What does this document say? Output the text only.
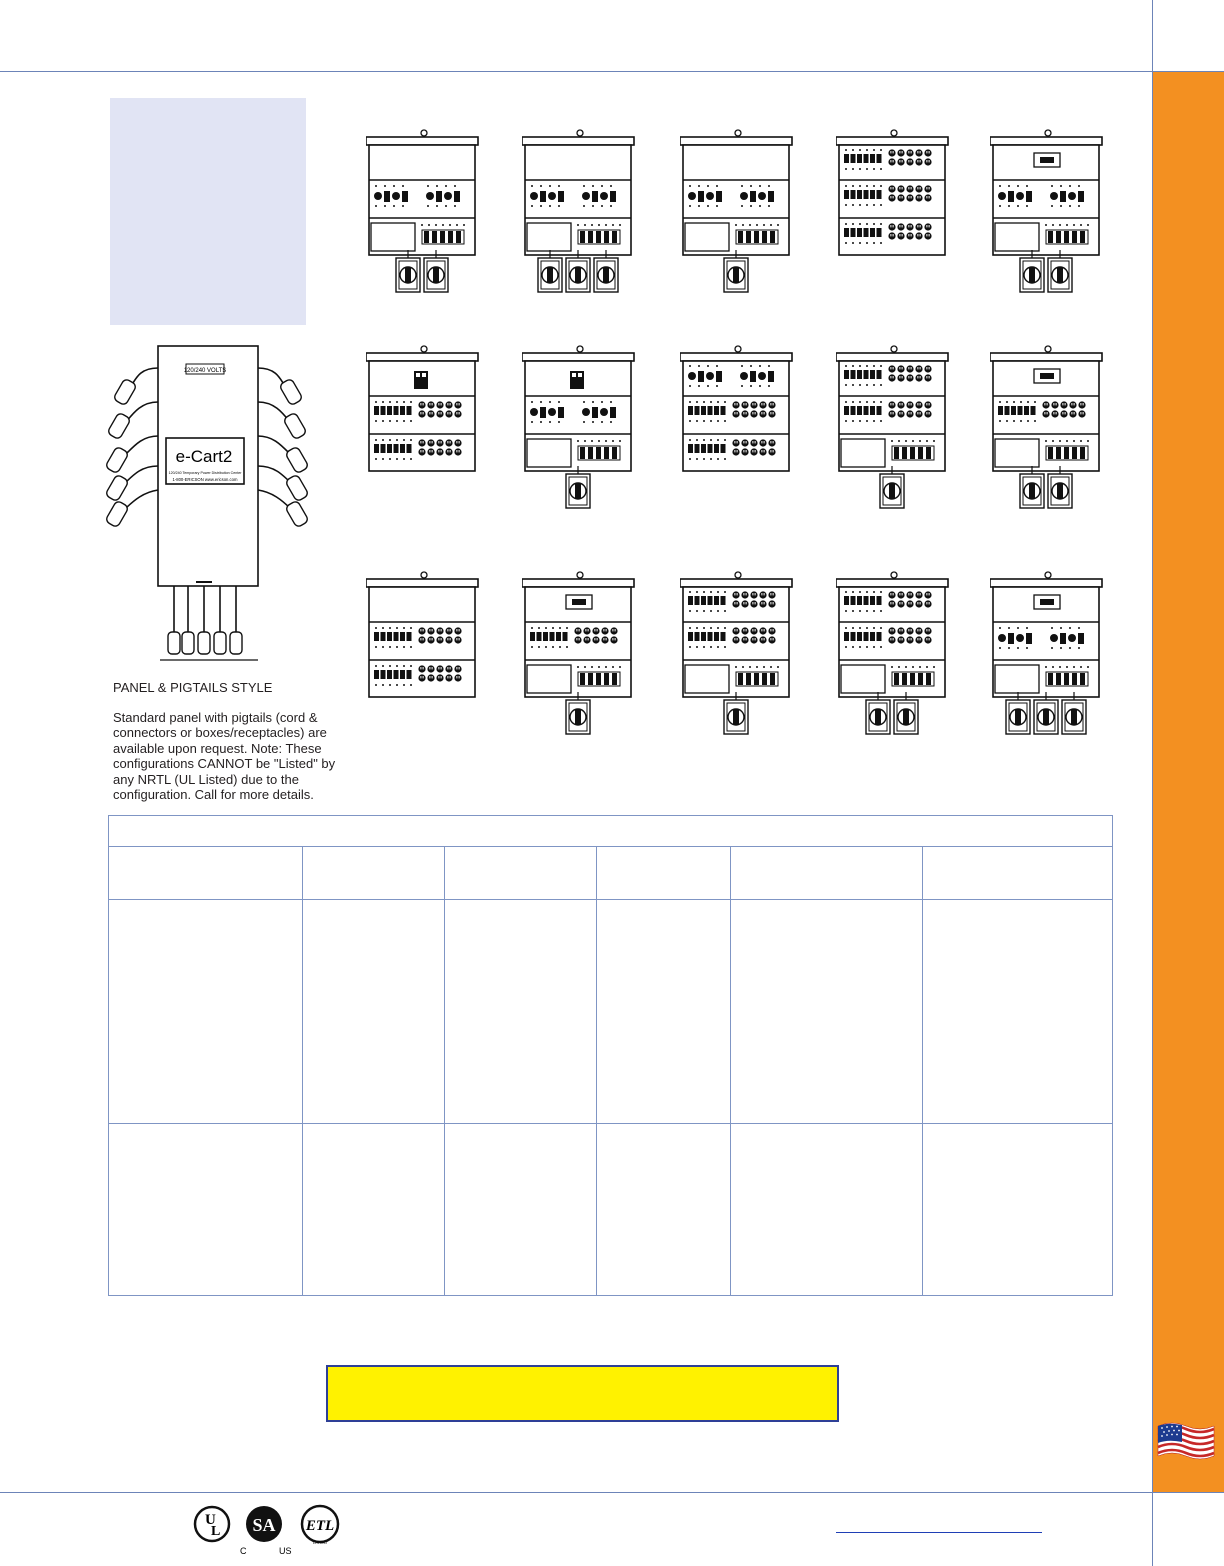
120/240 VOLTS
e-Cart2
120/240 Temporary Power Distribution Center
1-800-ERICSON www.ericson.com

PANEL & PIGTAILS STYLE

Standard panel with pigtails (cord & connectors or boxes/receptacles) are available upon request. Note: These configurations CANNOT be "Listed" by any NRTL (UL Listed) due to the configuration. Call for more details.

U
L SA
C	US
ETL
LISTED
